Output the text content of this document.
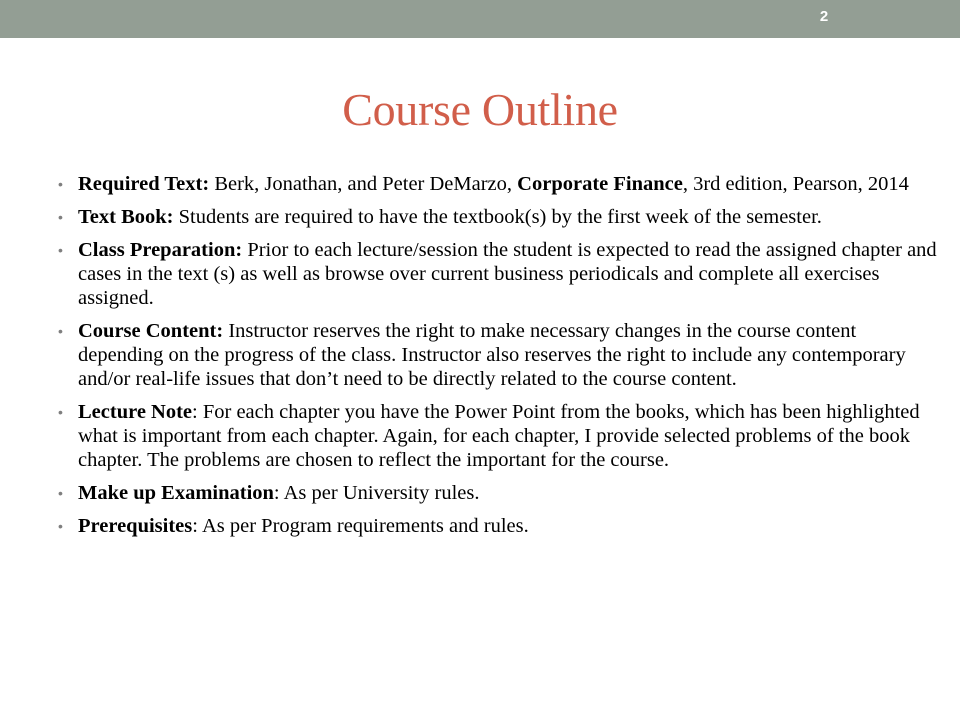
2
Course Outline
• Required Text: Berk, Jonathan, and Peter DeMarzo, Corporate Finance, 3rd edition, Pearson, 2014
• Text Book: Students are required to have the textbook(s) by the first week of the semester.
• Class Preparation: Prior to each lecture/session the student is expected to read the assigned chapter and cases in the text (s) as well as browse over current business periodicals and complete all exercises assigned.
• Course Content: Instructor reserves the right to make necessary changes in the course content depending on the progress of the class. Instructor also reserves the right to include any contemporary and/or real-life issues that don’t need to be directly related to the course content.
• Lecture Note: For each chapter you have the Power Point from the books, which has been highlighted what is important from each chapter. Again, for each chapter, I provide selected problems of the book chapter. The problems are chosen to reflect the important for the course.
• Make up Examination: As per University rules.
• Prerequisites: As per Program requirements and rules.
